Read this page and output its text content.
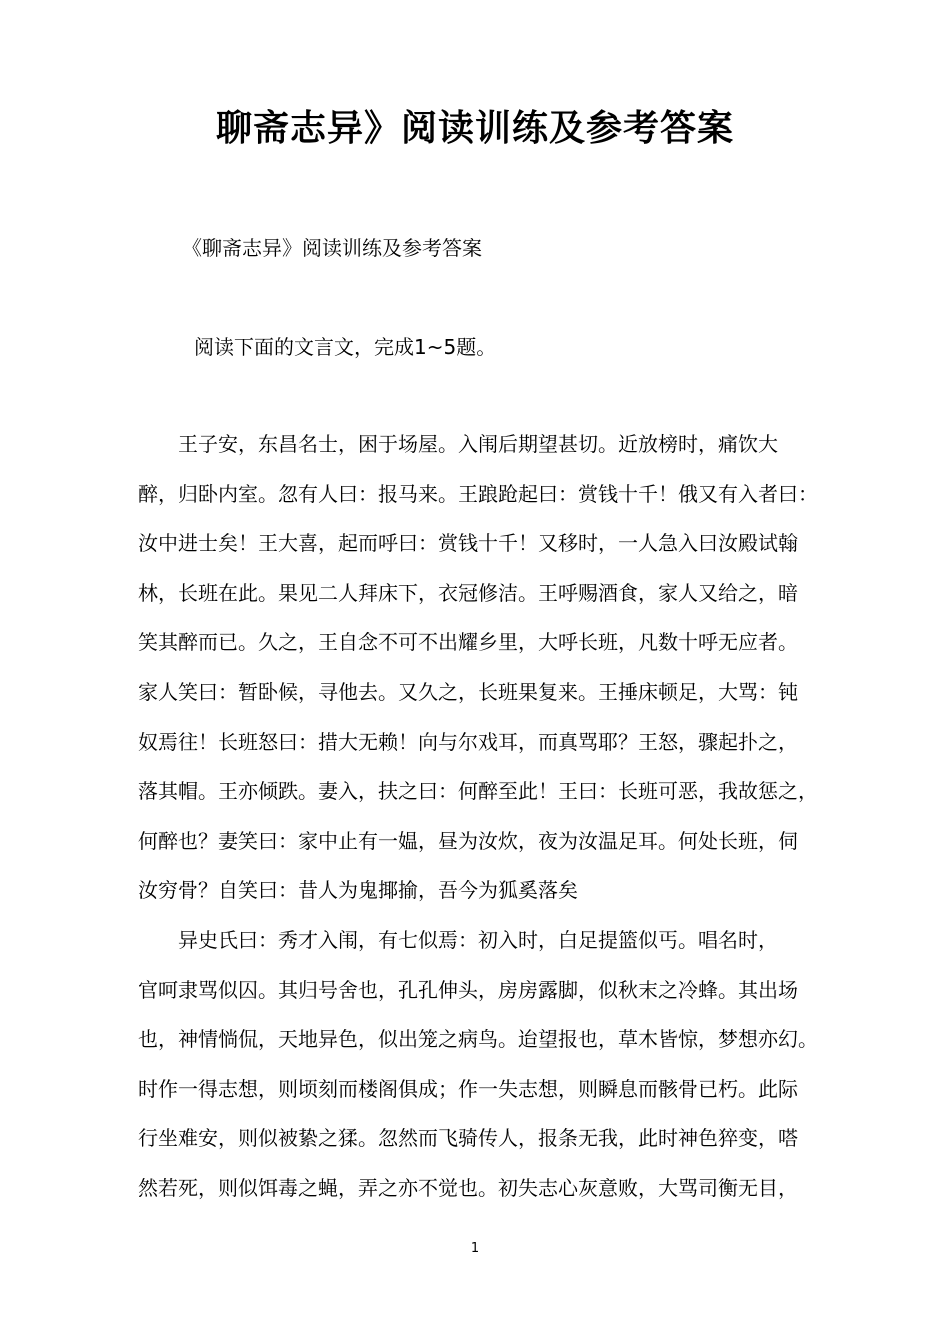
聊斋志异》阅读训练及参考答案

《聊斋志异》阅读训练及参考答案

阅读下面的文言文，完成1~5题。

　　王子安，东昌名士，困于场屋。入闱后期望甚切。近放榜时，痛饮大
醉，归卧内室。忽有人曰：报马来。王踉跄起曰：赏钱十千！俄又有入者曰：
汝中进士矣！王大喜，起而呼曰：赏钱十千！又移时，一人急入曰汝殿试翰
林，长班在此。果见二人拜床下，衣冠修洁。王呼赐酒食，家人又给之，暗
笑其醉而已。久之，王自念不可不出耀乡里，大呼长班，凡数十呼无应者。
家人笑曰：暂卧候，寻他去。又久之，长班果复来。王捶床顿足，大骂：钝
奴焉往！长班怒曰：措大无赖！向与尔戏耳，而真骂耶？王怒，骤起扑之，
落其帽。王亦倾跌。妻入，扶之曰：何醉至此！王曰：长班可恶，我故惩之，
何醉也？妻笑曰：家中止有一媪，昼为汝炊，夜为汝温足耳。何处长班，伺
汝穷骨？自笑曰：昔人为鬼揶揄，吾今为狐奚落矣
　　异史氏曰：秀才入闱，有七似焉：初入时，白足提篮似丐。唱名时，
官呵隶骂似囚。其归号舍也，孔孔伸头，房房露脚，似秋末之冷蜂。其出场
也，神情惝侃，天地异色，似出笼之病鸟。迨望报也，草木皆惊，梦想亦幻。
时作一得志想，则顷刻而楼阁俱成；作一失志想，则瞬息而骸骨已朽。此际
行坐难安，则似被絷之猱。忽然而飞骑传人，报条无我，此时神色猝变，嗒
然若死，则似饵毒之蝇，弄之亦不觉也。初失志心灰意败，大骂司衡无目，
1
